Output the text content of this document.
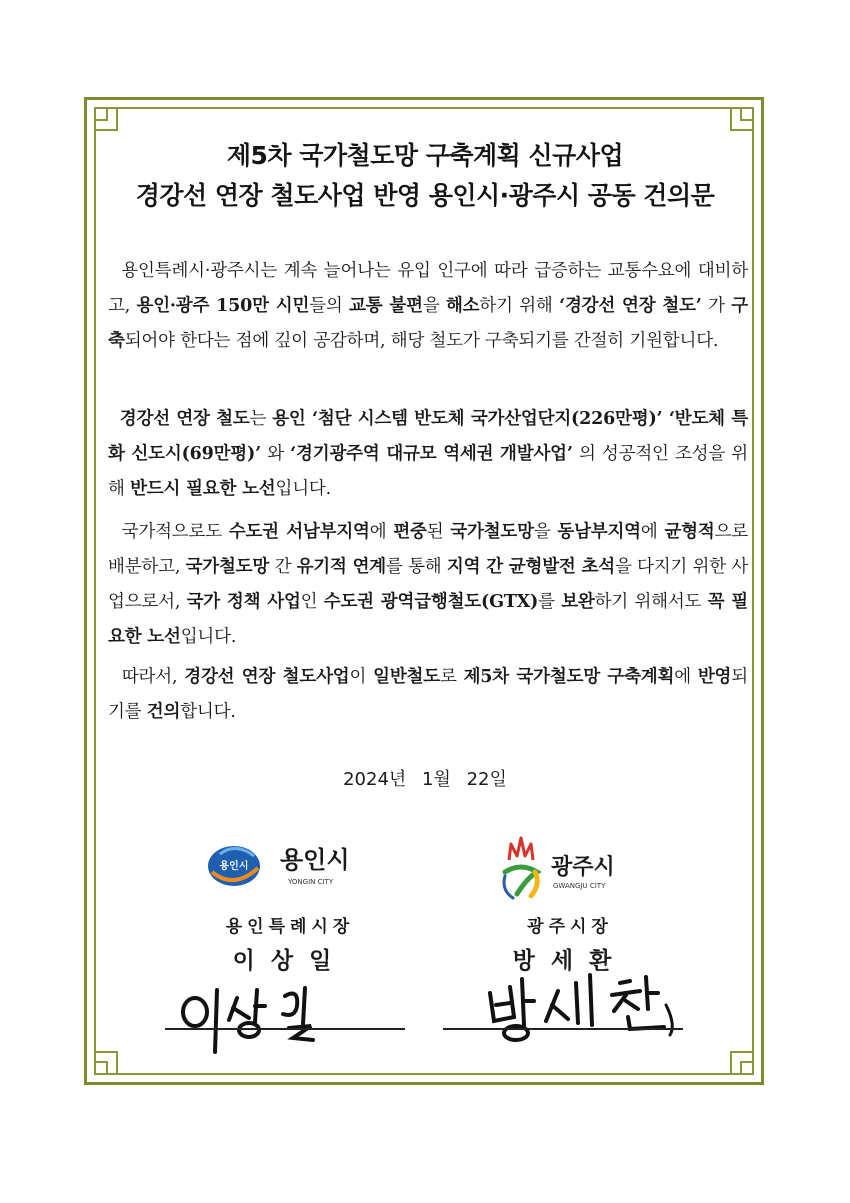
제5차 국가철도망 구축계획 신규사업
경강선 연장 철도사업 반영 용인시·광주시 공동 건의문
용인특례시·광주시는 계속 늘어나는 유입 인구에 따라 급증하는 교통수요에 대비하고, 용인·광주 150만 시민들의 교통 불편을 해소하기 위해 ‘경강선 연장 철도’ 가 구축되어야 한다는 점에 깊이 공감하며, 해당 철도가 구축되기를 간절히 기원합니다.
경강선 연장 철도는 용인 ‘첨단 시스템 반도체 국가산업단지(226만평)’ ‘반도체 특화 신도시(69만평)’ 와 ‘경기광주역 대규모 역세권 개발사업’ 의 성공적인 조성을 위해 반드시 필요한 노선입니다.
국가적으로도 수도권 서남부지역에 편중된 국가철도망을 동남부지역에 균형적으로 배분하고, 국가철도망 간 유기적 연계를 통해 지역 간 균형발전 초석을 다지기 위한 사업으로서, 국가 정책 사업인 수도권 광역급행철도(GTX)를 보완하기 위해서도 꼭 필요한 노선입니다.
따라서, 경강선 연장 철도사업이 일반철도로 제5차 국가철도망 구축계획에 반영되기를 건의합니다.
2024년 1월 22일
용인시 용인시
YONGIN CITY
광주시
GWANGJU CITY
용인특례시장	광주시장
이상일	방세환
